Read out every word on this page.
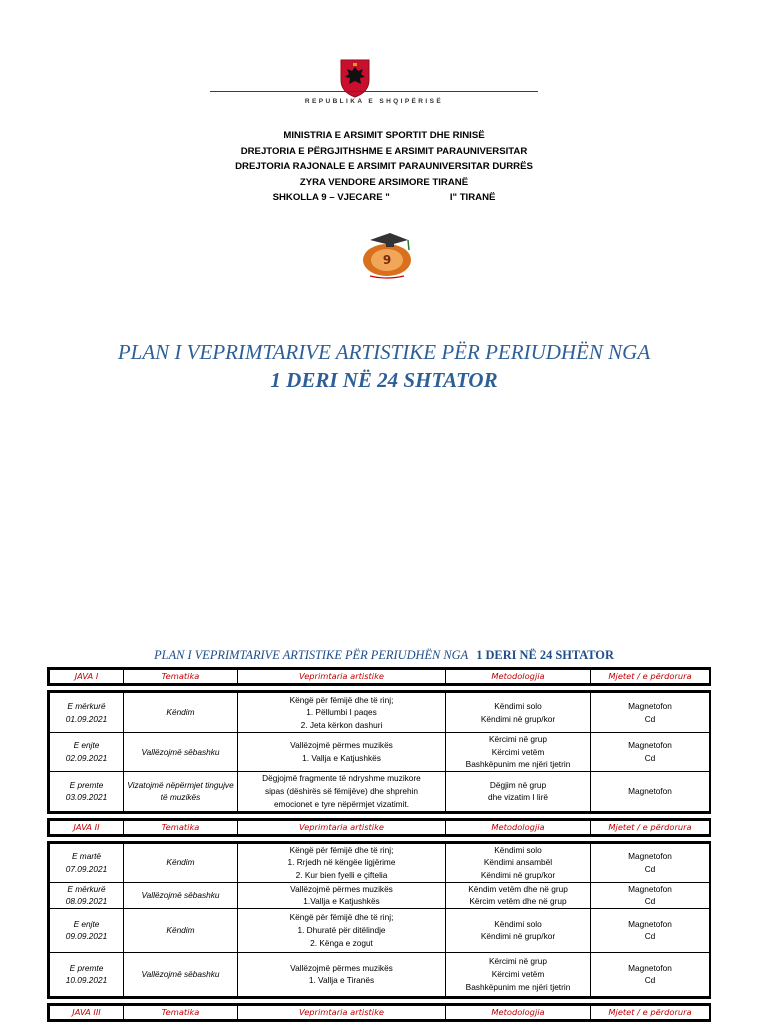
REPUBLIKA E SHQIPËRISË
MINISTRIA E ARSIMIT SPORTIT DHE RINISË
DREJTORIA E PËRGJITHSHME E ARSIMIT PARAUNIVERSITAR
DREJTORIA RAJONALE E ARSIMIT PARAUNIVERSITAR DURRËS
ZYRA VENDORE ARSIMORE TIRANË
SHKOLLA 9 – VJECARE "	I" TIRANË
9
PLAN I VEPRIMTARIVE ARTISTIKE PËR PERIUDHËN NGA
1 DERI NË 24 SHTATOR
PLAN I VEPRIMTARIVE ARTISTIKE PËR PERIUDHËN NGA 1 DERI NË 24 SHTATOR
JAVA I	Tematika	Veprimtaria artistike	Metodologjia	Mjetet / e përdorura
E mërkurë
01.09.2021	Këndim	Këngë për fëmijë dhe të rinj;
1. Pëllumbi I paqes
2. Jeta kërkon dashuri	Këndimi solo
Këndimi në grup/kor	Magnetofon
Cd

E enjte
02.09.2021	Vallëzojmë sëbashku	Vallëzojmë përmes muzikës
1. Vallja e Katjushkës	Kërcimi në grup
Kërcimi vetëm
Bashkëpunim me njëri tjetrin	Magnetofon
Cd

E premte
03.09.2021	Vizatojmë nëpërmjet tingujve të muzikës	Dëgjojmë fragmente të ndryshme muzikore
sipas (dëshirës së fëmijëve) dhe shprehin
emocionet e tyre nëpërmjet vizatimit.	Dëgjim në grup
dhe vizatim I lirë	Magnetofon
JAVA II	Tematika	Veprimtaria artistike	Metodologjia	Mjetet / e përdorura
E martë
07.09.2021	Këndim	Këngë për fëmijë dhe të rinj;
1. Rrjedh në këngëe ligjërime
2. Kur bien fyelli e çiftelia	Këndimi solo
Këndimi ansambël
Këndimi në grup/kor	Magnetofon
Cd

E mërkurë
08.09.2021	Vallëzojmë sëbashku	Vallëzojmë përmes muzikës
1.Vallja e Katjushkës	Këndim vetëm dhe në grup
Kërcim vetëm dhe në grup	Magnetofon
Cd

E enjte
09.09.2021	Këndim	Këngë për fëmijë dhe të rinj;
1. Dhuratë për ditëlindje
2. Kënga e zogut	Këndimi solo
Këndimi në grup/kor	Magnetofon
Cd

E premte
10.09.2021	Vallëzojmë sëbashku	Vallëzojmë përmes muzikës
1. Vallja e Tiranës	Kërcimi në grup
Kërcimi vetëm
Bashkëpunim me njëri tjetrin	Magnetofon
Cd
JAVA III	Tematika	Veprimtaria artistike	Metodologjia	Mjetet / e përdorura
